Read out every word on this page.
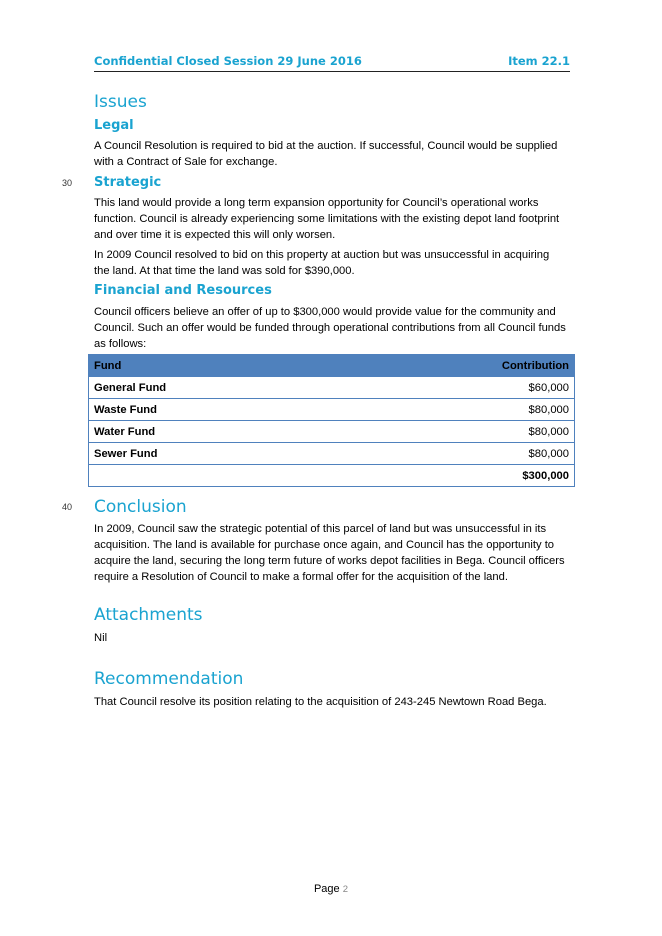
Confidential Closed Session 29 June 2016	Item 22.1
Issues
Legal

A Council Resolution is required to bid at the auction. If successful, Council would be supplied with a Contract of Sale for exchange.

30 Strategic

This land would provide a long term expansion opportunity for Council’s operational works function. Council is already experiencing some limitations with the existing depot land footprint and over time it is expected this will only worsen.

In 2009 Council resolved to bid on this property at auction but was unsuccessful in acquiring the land. At that time the land was sold for $390,000.

Financial and Resources

Council officers believe an offer of up to $300,000 would provide value for the community and Council. Such an offer would be funded through operational contributions from all Council funds as follows:

Fund	Contribution
General Fund	$60,000
Waste Fund	$80,000
Water Fund	$80,000
Sewer Fund	$80,000
	$300,000
40 Conclusion

In 2009, Council saw the strategic potential of this parcel of land but was unsuccessful in its acquisition. The land is available for purchase once again, and Council has the opportunity to acquire the land, securing the long term future of works depot facilities in Bega. Council officers require a Resolution of Council to make a formal offer for the acquisition of the land.

Attachments

Nil

Recommendation

That Council resolve its position relating to the acquisition of 243-245 Newtown Road Bega.

Page 2
